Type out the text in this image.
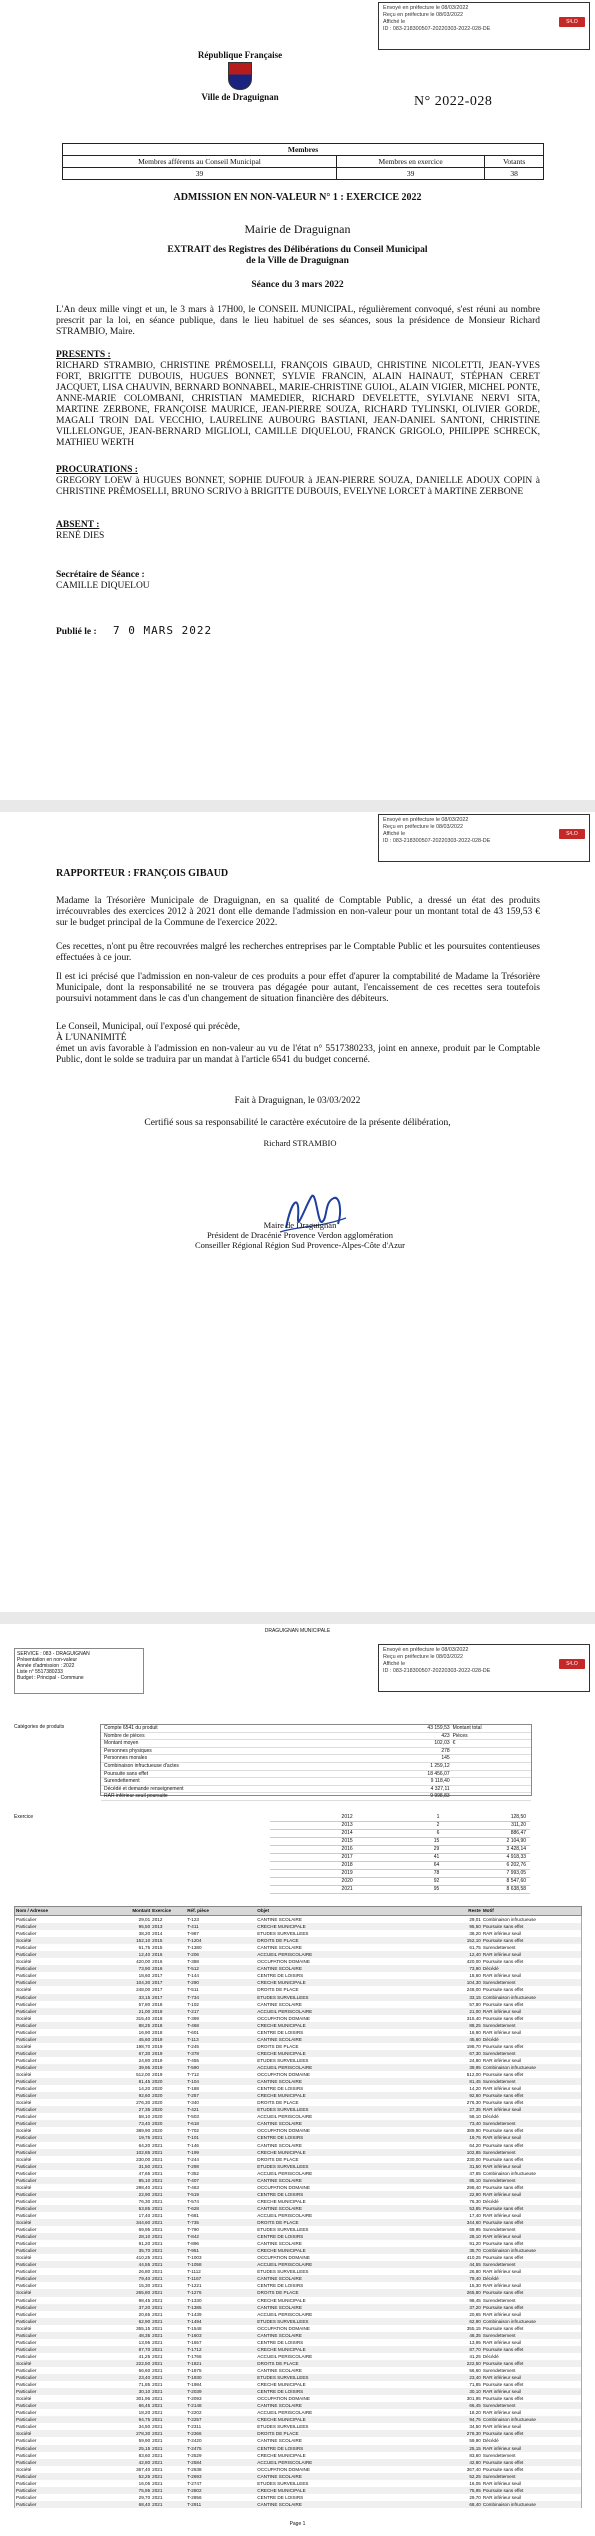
Envoyé en préfecture le 08/03/2022
Reçu en préfecture le 08/03/2022
Affiché le
ID : 083-218300507-20220303-2022-028-DE
S²LO
République Française
Ville de Draguignan	N° 2022-028
Membres		
Membres afférents au Conseil Municipal	Membres en exercice	Votants
39	39	38
ADMISSION EN NON-VALEUR N° 1 : EXERCICE 2022
Mairie de Draguignan
EXTRAIT des Registres des Délibérations du Conseil Municipal
de la Ville de Draguignan
Séance du 3 mars 2022
L'An deux mille vingt et un, le 3 mars à 17H00, le CONSEIL MUNICIPAL, régulièrement convoqué, s'est réuni au nombre prescrit par la loi, en séance publique, dans le lieu habituel de ses séances, sous la présidence de Monsieur Richard STRAMBIO, Maire.
PRESENTS :
RICHARD STRAMBIO, CHRISTINE PRÉMOSELLI, FRANÇOIS GIBAUD, CHRISTINE NICOLETTI, JEAN-YVES FORT, BRIGITTE DUBOUIS, HUGUES BONNET, SYLVIE FRANCIN, ALAIN HAINAUT, STÉPHAN CERET JACQUET, LISA CHAUVIN, BERNARD BONNABEL, MARIE-CHRISTINE GUIOL, ALAIN VIGIER, MICHEL PONTE, ANNE-MARIE COLOMBANI, CHRISTIAN MAMEDIER, RICHARD DEVELETTE, SYLVIANE NERVI SITA, MARTINE ZERBONE, FRANÇOISE MAURICE, JEAN-PIERRE SOUZA, RICHARD TYLINSKI, OLIVIER GORDE, MAGALI TROIN DAL VECCHIO, LAURELINE AUBOURG BASTIANI, JEAN-DANIEL SANTONI, CHRISTINE VILLELONGUE, JEAN-BERNARD MIGLIOLI, CAMILLE DIQUELOU, FRANCK GRIGOLO, PHILIPPE SCHRECK, MATHIEU WERTH
PROCURATIONS :
GREGORY LOEW à HUGUES BONNET, SOPHIE DUFOUR à JEAN-PIERRE SOUZA, DANIELLE ADOUX COPIN à CHRISTINE PRÉMOSELLI, BRUNO SCRIVO à BRIGITTE DUBOUIS, EVELYNE LORCET à MARTINE ZERBONE
ABSENT :
RENÉ DIES
Secrétaire de Séance :
CAMILLE DIQUELOU
Publié le : 7 0 MARS 2022
Envoyé en préfecture le 08/03/2022
Reçu en préfecture le 08/03/2022
Affiché le
ID : 083-218300507-20220303-2022-028-DE
S²LO
RAPPORTEUR : FRANÇOIS GIBAUD
Madame la Trésorière Municipale de Draguignan, en sa qualité de Comptable Public, a dressé un état des produits irrécouvrables des exercices 2012 à 2021 dont elle demande l'admission en non-valeur pour un montant total de 43 159,53 € sur le budget principal de la Commune de l'exercice 2022.
Ces recettes, n'ont pu être recouvrées malgré les recherches entreprises par le Comptable Public et les poursuites contentieuses effectuées à ce jour.
Il est ici précisé que l'admission en non-valeur de ces produits a pour effet d'apurer la comptabilité de Madame la Trésorière Municipale, dont la responsabilité ne se trouvera pas dégagée pour autant, l'encaissement de ces recettes sera toutefois poursuivi notamment dans le cas d'un changement de situation financière des débiteurs.
Le Conseil, Municipal, ouï l'exposé qui précède,
À L'UNANIMITÉ
émet un avis favorable à l'admission en non-valeur au vu de l'état n° 5517380233, joint en annexe, produit par le Comptable Public, dont le solde se traduira par un mandat à l'article 6541 du budget concerné.
Fait à Draguignan, le 03/03/2022
Certifié sous sa responsabilité le caractère exécutoire de la présente délibération,
Richard STRAMBIO
Maire de Draguignan
Président de Dracénie Provence Verdon agglomération
Conseiller Régional Région Sud Provence-Alpes-Côte d'Azur
DRAGUIGNAN MUNICIPALE
Envoyé en préfecture le 08/03/2022
Reçu en préfecture le 08/03/2022
Affiché le
ID : 083-218300507-20220303-2022-028-DE
S²LO
SERVICE : 083 - DRAGUIGNAN
Présentation en non-valeur
Année d'admission : 2022
Liste n° 5517380233
Budget : Principal - Commune
Catégories de produits	Compte 6541 du produit	43 159,53 Montant total
Nombre de pièces	423 Pièces
Montant moyen	102,03 €
Personnes physiques	278
Personnes morales	145
Combinaison infructueuse d'actes	1 259,12
Poursuite sans effet	18 456,07
Surendettement	9 118,40
Décédé et demande renseignement	4 327,11
RAR inférieur seuil poursuite	9 998,83
Exercice	2012	1	128,50
2013	2	311,20
2014	6	886,47
2015	15	2 104,90
2016	29	3 428,14
2017	41	4 918,33
2018	64	6 202,76
2019	78	7 993,05
2020	92	8 547,60
2021	95	8 638,58
Nom / Adresse	Montant Exercice	Réf. pièce	Objet	Reste Motif
Particulier	29,01 2012	T-123	CANTINE SCOLAIRE	29,01 Combinaison infructueuse
Particulier	95,50 2013	T-411	CRECHE MUNICIPALE	95,50 Poursuite sans effet
Particulier	38,20 2014	T-987	ETUDES SURVEILLEES	38,20 RAR inférieur seuil
Société	152,10 2015	T-1204	DROITS DE PLACE	152,10 Poursuite sans effet
Particulier	61,75 2015	T-1380	CANTINE SCOLAIRE	61,75 Surendettement
Particulier	12,40 2016	T-206	ACCUEIL PERISCOLAIRE	12,40 RAR inférieur seuil
Société	420,00 2016	T-388	OCCUPATION DOMAINE	420,00 Poursuite sans effet
Particulier	73,90 2016	T-512	CANTINE SCOLAIRE	73,90 Décédé
Particulier	18,60 2017	T-144	CENTRE DE LOISIRS	18,60 RAR inférieur seuil
Particulier	104,30 2017	T-290	CRECHE MUNICIPALE	104,30 Surendettement
Société	248,00 2017	T-511	DROITS DE PLACE	248,00 Poursuite sans effet
Particulier	33,15 2017	T-734	ETUDES SURVEILLEES	33,15 Combinaison infructueuse
Particulier	57,80 2018	T-102	CANTINE SCOLAIRE	57,80 Poursuite sans effet
Particulier	21,00 2018	T-217	ACCUEIL PERISCOLAIRE	21,00 RAR inférieur seuil
Société	315,40 2018	T-399	OCCUPATION DOMAINE	315,40 Poursuite sans effet
Particulier	88,25 2018	T-468	CRECHE MUNICIPALE	88,25 Surendettement
Particulier	16,90 2018	T-601	CENTRE DE LOISIRS	16,90 RAR inférieur seuil
Particulier	45,60 2019	T-113	CANTINE SCOLAIRE	45,60 Décédé
Société	198,70 2019	T-245	DROITS DE PLACE	198,70 Poursuite sans effet
Particulier	67,30 2019	T-378	CRECHE MUNICIPALE	67,30 Surendettement
Particulier	24,80 2019	T-455	ETUDES SURVEILLEES	24,80 RAR inférieur seuil
Particulier	39,95 2019	T-590	ACCUEIL PERISCOLAIRE	39,95 Combinaison infructueuse
Société	512,00 2019	T-712	OCCUPATION DOMAINE	512,00 Poursuite sans effet
Particulier	81,45 2020	T-104	CANTINE SCOLAIRE	81,45 Surendettement
Particulier	14,20 2020	T-188	CENTRE DE LOISIRS	14,20 RAR inférieur seuil
Particulier	92,60 2020	T-257	CRECHE MUNICIPALE	92,60 Poursuite sans effet
Société	276,30 2020	T-340	DROITS DE PLACE	276,30 Poursuite sans effet
Particulier	27,35 2020	T-421	ETUDES SURVEILLEES	27,35 RAR inférieur seuil
Particulier	58,10 2020	T-503	ACCUEIL PERISCOLAIRE	58,10 Décédé
Particulier	73,40 2020	T-618	CANTINE SCOLAIRE	73,40 Surendettement
Société	389,90 2020	T-702	OCCUPATION DOMAINE	389,90 Poursuite sans effet
Particulier	19,75 2021	T-101	CENTRE DE LOISIRS	19,75 RAR inférieur seuil
Particulier	64,20 2021	T-146	CANTINE SCOLAIRE	64,20 Poursuite sans effet
Particulier	102,85 2021	T-199	CRECHE MUNICIPALE	102,85 Surendettement
Société	230,00 2021	T-244	DROITS DE PLACE	230,00 Poursuite sans effet
Particulier	31,50 2021	T-298	ETUDES SURVEILLEES	31,50 RAR inférieur seuil
Particulier	47,65 2021	T-352	ACCUEIL PERISCOLAIRE	47,65 Combinaison infructueuse
Particulier	85,10 2021	T-407	CANTINE SCOLAIRE	85,10 Surendettement
Société	298,40 2021	T-463	OCCUPATION DOMAINE	298,40 Poursuite sans effet
Particulier	22,90 2021	T-519	CENTRE DE LOISIRS	22,90 RAR inférieur seuil
Particulier	76,30 2021	T-574	CRECHE MUNICIPALE	76,30 Décédé
Particulier	53,85 2021	T-628	CANTINE SCOLAIRE	53,85 Poursuite sans effet
Particulier	17,40 2021	T-681	ACCUEIL PERISCOLAIRE	17,40 RAR inférieur seuil
Société	344,60 2021	T-735	DROITS DE PLACE	344,60 Poursuite sans effet
Particulier	69,95 2021	T-790	ETUDES SURVEILLEES	69,95 Surendettement
Particulier	28,10 2021	T-842	CENTRE DE LOISIRS	28,10 RAR inférieur seuil
Particulier	91,20 2021	T-896	CANTINE SCOLAIRE	91,20 Poursuite sans effet
Particulier	35,70 2021	T-951	CRECHE MUNICIPALE	35,70 Combinaison infructueuse
Société	410,25 2021	T-1003	OCCUPATION DOMAINE	410,25 Poursuite sans effet
Particulier	44,55 2021	T-1058	ACCUEIL PERISCOLAIRE	44,55 Surendettement
Particulier	26,80 2021	T-1112	ETUDES SURVEILLEES	26,80 RAR inférieur seuil
Particulier	79,40 2021	T-1167	CANTINE SCOLAIRE	79,40 Décédé
Particulier	15,30 2021	T-1221	CENTRE DE LOISIRS	15,30 RAR inférieur seuil
Société	265,80 2021	T-1276	DROITS DE PLACE	265,80 Poursuite sans effet
Particulier	98,45 2021	T-1330	CRECHE MUNICIPALE	98,45 Surendettement
Particulier	37,20 2021	T-1385	CANTINE SCOLAIRE	37,20 Poursuite sans effet
Particulier	20,65 2021	T-1439	ACCUEIL PERISCOLAIRE	20,65 RAR inférieur seuil
Particulier	62,90 2021	T-1494	ETUDES SURVEILLEES	62,90 Combinaison infructueuse
Société	355,15 2021	T-1548	OCCUPATION DOMAINE	355,15 Poursuite sans effet
Particulier	48,35 2021	T-1603	CANTINE SCOLAIRE	48,35 Surendettement
Particulier	13,95 2021	T-1657	CENTRE DE LOISIRS	13,95 RAR inférieur seuil
Particulier	87,70 2021	T-1712	CRECHE MUNICIPALE	87,70 Poursuite sans effet
Particulier	41,25 2021	T-1766	ACCUEIL PERISCOLAIRE	41,25 Décédé
Société	222,50 2021	T-1821	DROITS DE PLACE	222,50 Poursuite sans effet
Particulier	56,60 2021	T-1875	CANTINE SCOLAIRE	56,60 Surendettement
Particulier	23,40 2021	T-1930	ETUDES SURVEILLEES	23,40 RAR inférieur seuil
Particulier	71,85 2021	T-1984	CRECHE MUNICIPALE	71,85 Poursuite sans effet
Particulier	30,10 2021	T-2039	CENTRE DE LOISIRS	30,10 RAR inférieur seuil
Société	301,95 2021	T-2093	OCCUPATION DOMAINE	301,95 Poursuite sans effet
Particulier	66,45 2021	T-2148	CANTINE SCOLAIRE	66,45 Surendettement
Particulier	18,20 2021	T-2202	ACCUEIL PERISCOLAIRE	18,20 RAR inférieur seuil
Particulier	94,75 2021	T-2257	CRECHE MUNICIPALE	94,75 Combinaison infructueuse
Particulier	34,50 2021	T-2311	ETUDES SURVEILLEES	34,50 RAR inférieur seuil
Société	278,30 2021	T-2366	DROITS DE PLACE	278,30 Poursuite sans effet
Particulier	59,90 2021	T-2420	CANTINE SCOLAIRE	59,90 Décédé
Particulier	25,15 2021	T-2475	CENTRE DE LOISIRS	25,15 RAR inférieur seuil
Particulier	83,60 2021	T-2529	CRECHE MUNICIPALE	83,60 Surendettement
Particulier	42,80 2021	T-2584	ACCUEIL PERISCOLAIRE	42,80 Poursuite sans effet
Société	367,40 2021	T-2638	OCCUPATION DOMAINE	367,40 Poursuite sans effet
Particulier	52,25 2021	T-2693	CANTINE SCOLAIRE	52,25 Surendettement
Particulier	16,05 2021	T-2747	ETUDES SURVEILLEES	16,05 RAR inférieur seuil
Particulier	75,95 2021	T-2802	CRECHE MUNICIPALE	75,95 Poursuite sans effet
Particulier	29,70 2021	T-2856	CENTRE DE LOISIRS	29,70 RAR inférieur seuil
Particulier	68,40 2021	T-2911	CANTINE SCOLAIRE	68,40 Combinaison infructueuse
Page 1
